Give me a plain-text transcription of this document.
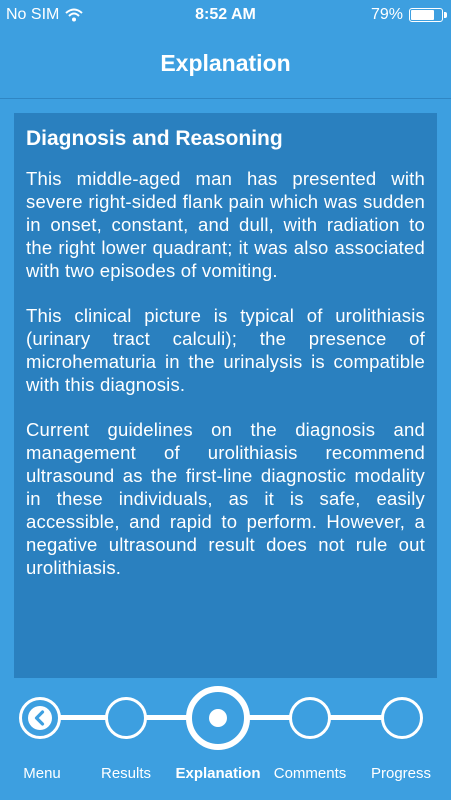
No SIM	8:52 AM	79%
Explanation
Diagnosis and Reasoning

This middle-aged man has presented with severe right-sided flank pain which was sudden in onset, constant, and dull, with radiation to the right lower quadrant; it was also associated with two episodes of vomiting.

This clinical picture is typical of urolithiasis (urinary tract calculi); the presence of microhematuria in the urinalysis is compatible with this diagnosis.

Current guidelines on the diagnosis and management of urolithiasis recommend ultrasound as the first-line diagnostic modality in these individuals, as it is safe, easily accessible, and rapid to perform. However, a negative ultrasound result does not rule out urolithiasis.

Menu	Results	Explanation Comments	Progress
